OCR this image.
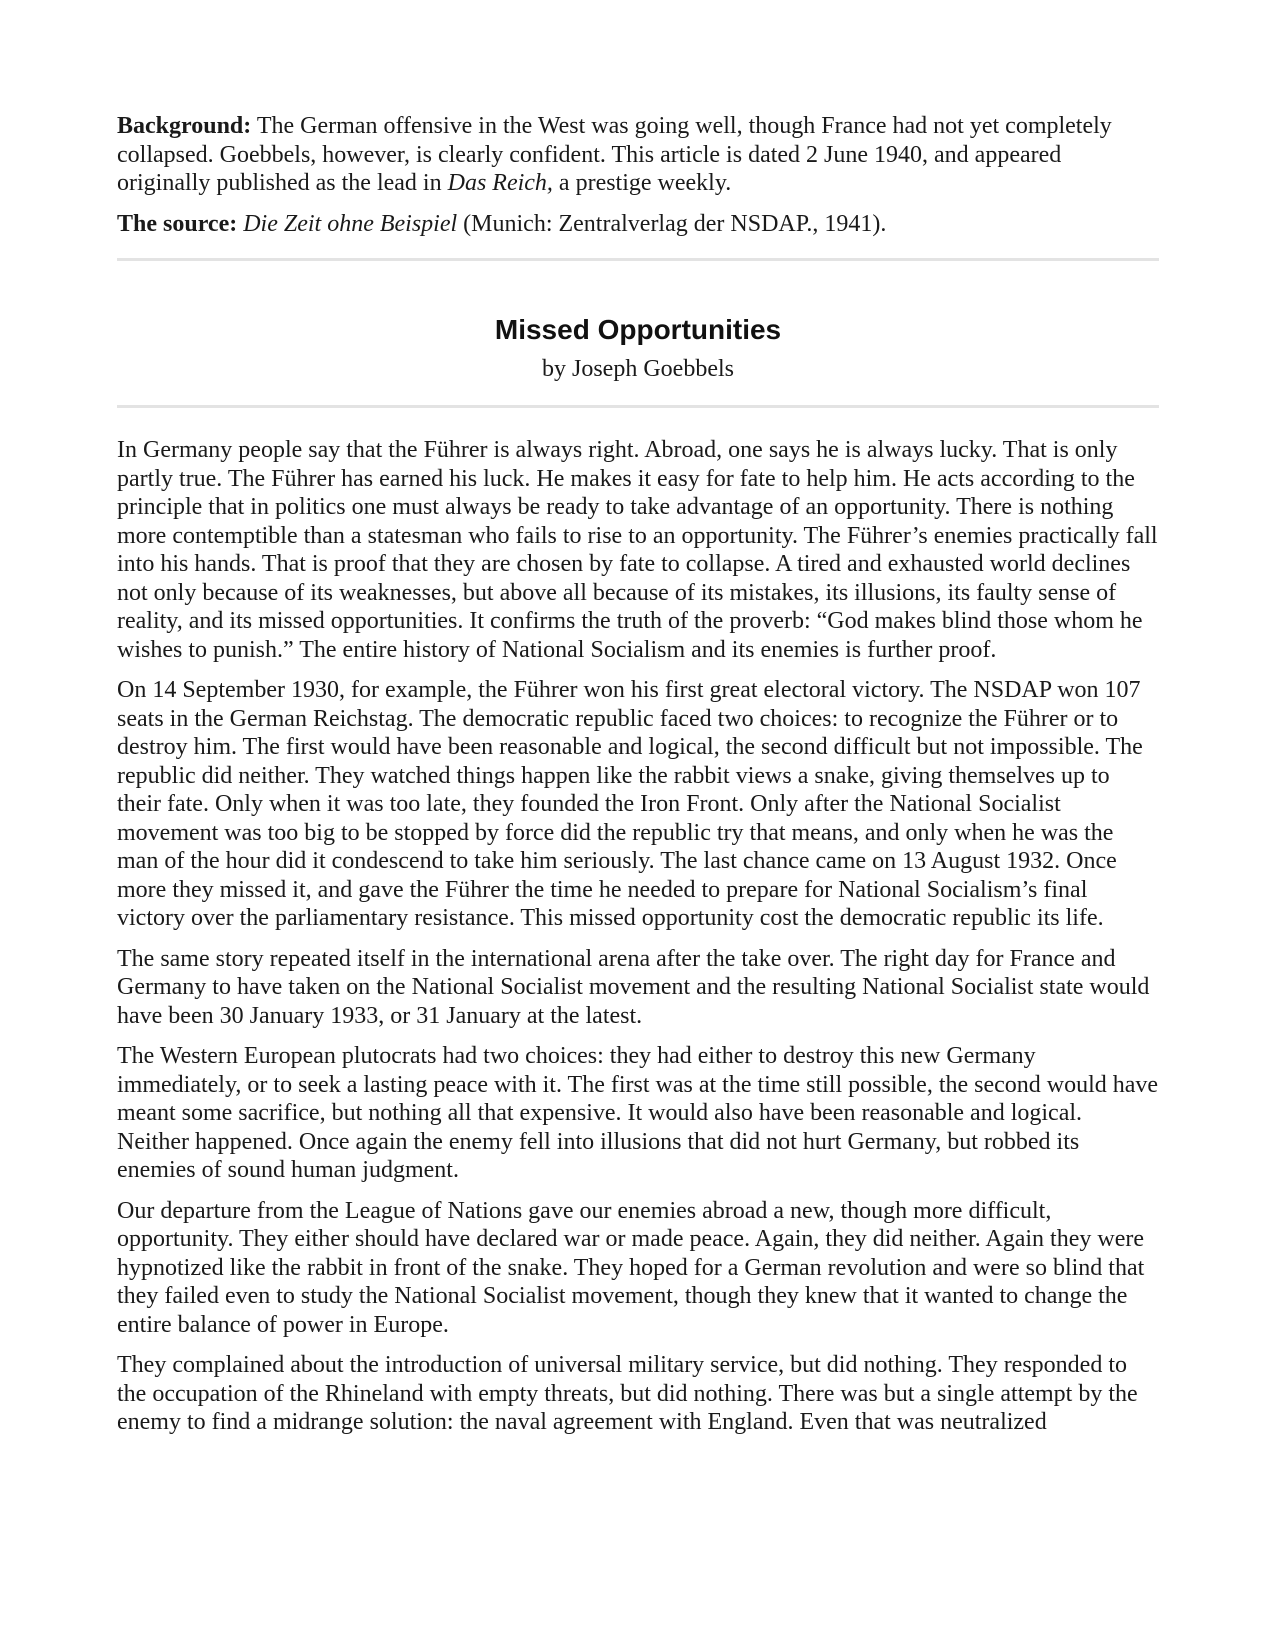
Background: The German offensive in the West was going well, though France had not yet completely collapsed. Goebbels, however, is clearly confident. This article is dated 2 June 1940, and appeared originally published as the lead in Das Reich, a prestige weekly.

The source: Die Zeit ohne Beispiel (Munich: Zentralverlag der NSDAP., 1941).

Missed Opportunities

by Joseph Goebbels

In Germany people say that the Führer is always right. Abroad, one says he is always lucky. That is only partly true. The Führer has earned his luck. He makes it easy for fate to help him. He acts according to the principle that in politics one must always be ready to take advantage of an opportunity. There is nothing more contemptible than a statesman who fails to rise to an opportunity. The Führer’s enemies practically fall into his hands. That is proof that they are chosen by fate to collapse. A tired and exhausted world declines not only because of its weaknesses, but above all because of its mistakes, its illusions, its faulty sense of reality, and its missed opportunities. It confirms the truth of the proverb: “God makes blind those whom he wishes to punish.” The entire history of National Socialism and its enemies is further proof.

On 14 September 1930, for example, the Führer won his first great electoral victory. The NSDAP won 107 seats in the German Reichstag. The democratic republic faced two choices: to recognize the Führer or to destroy him. The first would have been reasonable and logical, the second difficult but not impossible. The republic did neither. They watched things happen like the rabbit views a snake, giving themselves up to their fate. Only when it was too late, they founded the Iron Front. Only after the National Socialist movement was too big to be stopped by force did the republic try that means, and only when he was the man of the hour did it condescend to take him seriously. The last chance came on 13 August 1932. Once more they missed it, and gave the Führer the time he needed to prepare for National Socialism’s final victory over the parliamentary resistance. This missed opportunity cost the democratic republic its life.

The same story repeated itself in the international arena after the take over. The right day for France and Germany to have taken on the National Socialist movement and the resulting National Socialist state would have been 30 January 1933, or 31 January at the latest.

The Western European plutocrats had two choices: they had either to destroy this new Germany immediately, or to seek a lasting peace with it. The first was at the time still possible, the second would have meant some sacrifice, but nothing all that expensive. It would also have been reasonable and logical. Neither happened. Once again the enemy fell into illusions that did not hurt Germany, but robbed its enemies of sound human judgment.

Our departure from the League of Nations gave our enemies abroad a new, though more difficult, opportunity. They either should have declared war or made peace. Again, they did neither. Again they were hypnotized like the rabbit in front of the snake. They hoped for a German revolution and were so blind that they failed even to study the National Socialist movement, though they knew that it wanted to change the entire balance of power in Europe.

They complained about the introduction of universal military service, but did nothing. They responded to the occupation of the Rhineland with empty threats, but did nothing. There was but a single attempt by the enemy to find a midrange solution: the naval agreement with England. Even that was neutralized
